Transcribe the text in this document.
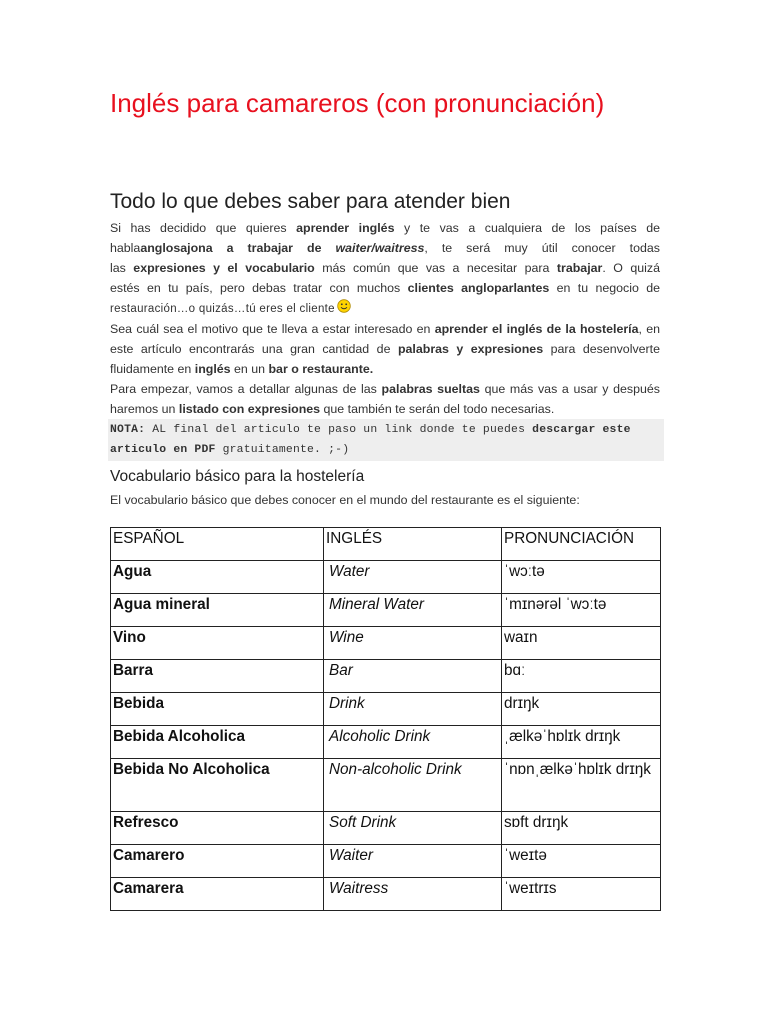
Inglés para camareros (con pronunciación)
Todo lo que debes saber para atender bien

Si has decidido que quieres aprender inglés y te vas a cualquiera de los países de
hablaanglosajona a trabajar de waiter/waitress, te será muy útil conocer todas
las expresiones y el vocabulario más común que vas a necesitar para trabajar. O quizá
estés en tu país, pero debas tratar con muchos clientes angloparlantes en tu negocio de
restauración…o quizás…tú eres el cliente

Sea cuál sea el motivo que te lleva a estar interesado en aprender el inglés de la hostelería, en este artículo encontrarás una gran cantidad de palabras y expresiones para desenvolverte fluidamente en inglés en un bar o restaurante.

Para empezar, vamos a detallar algunas de las palabras sueltas que más vas a usar y después haremos un listado con expresiones que también te serán del todo necesarias.

NOTA: AL final del articulo te paso un link donde te puedes descargar este articulo en PDF gratuitamente. ;-)
Vocabulario básico para la hostelería

El vocabulario básico que debes conocer en el mundo del restaurante es el siguiente:

ESPAÑOL	INGLÉS	PRONUNCIACIÓN
Agua	Water	ˈwɔːtə
Agua mineral	Mineral Water	ˈmɪnərəl ˈwɔːtə
Vino	Wine	waɪn
Barra	Bar	bɑː
Bebida	Drink	drɪŋk
Bebida Alcoholica	Alcoholic Drink	ˌælkəˈhɒlɪk drɪŋk
Bebida No Alcoholica	Non-alcoholic Drink	ˈnɒnˌælkəˈhɒlɪk drɪŋk
Refresco	Soft Drink	sɒft drɪŋk
Camarero	Waiter	ˈweɪtə
Camarera	Waitress	ˈweɪtrɪs
